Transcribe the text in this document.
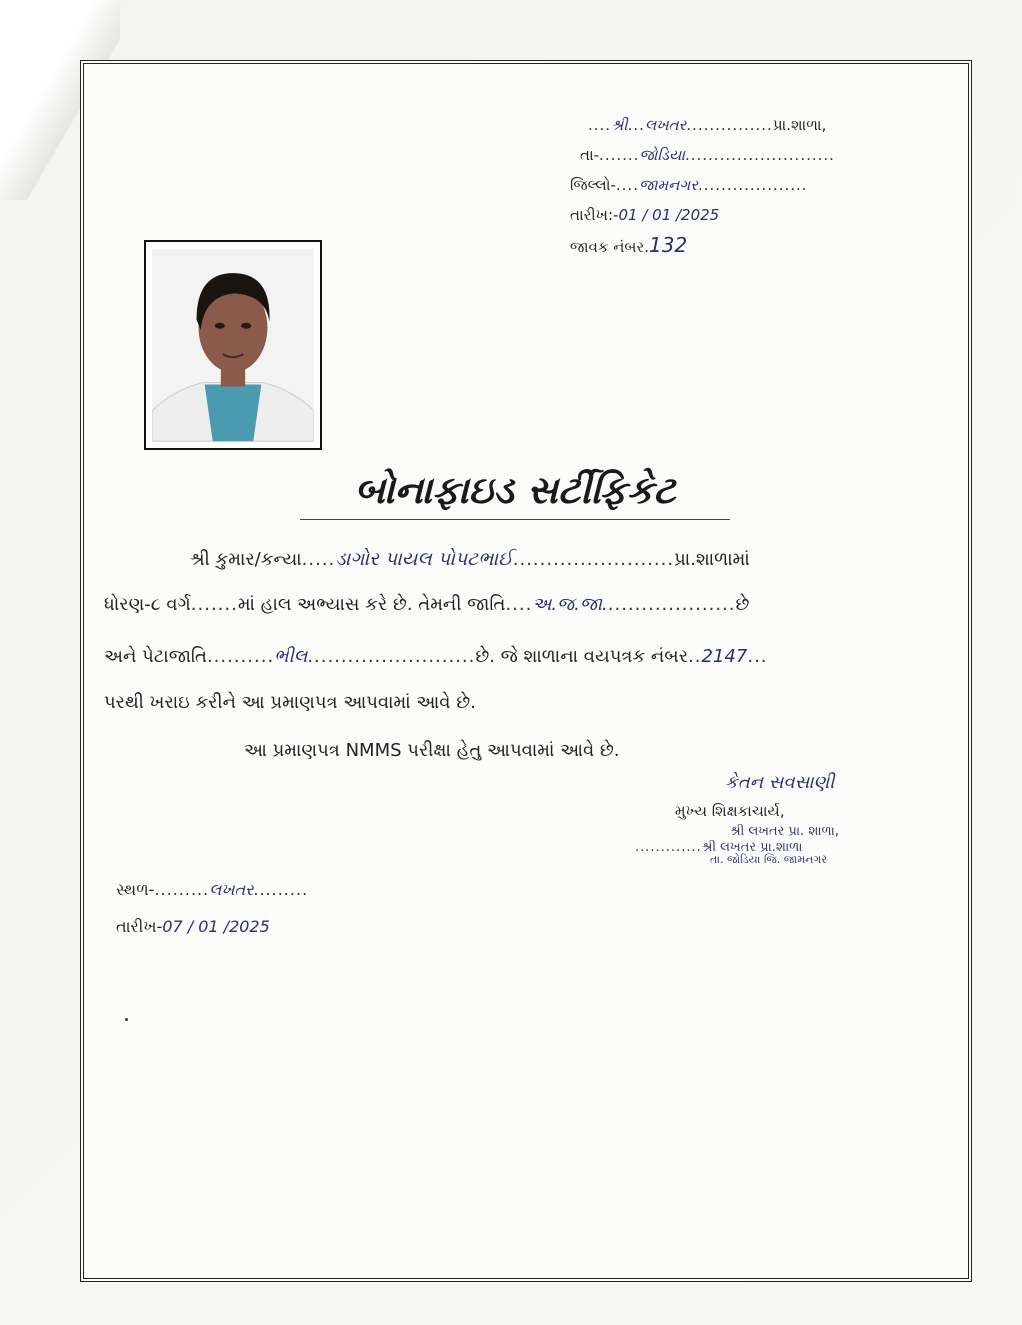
....શ્રી...લખતર...............પ્રા.શાળા,
તા-.......જોડિયા..........................
જિલ્લો-....જામનગર...................
તારીખ:-01 / 01 /2025
જાવક નંબર.132
બોનાફાઇડ સર્ટીફિકેટ
શ્રી કુમાર/કન્યા.....ડાગોર પાયલ પોપટભાઈ........................પ્રા.શાળામાં
ધોરણ-૮ વર્ગ.......માં હાલ અભ્યાસ કરે છે. તેમની જાતિ....અ.જ.જા....................છે
અને પેટાજાતિ..........ભીલ.........................છે. જે શાળાના વયપત્રક નંબર..2147...
પરથી ખરાઇ કરીને આ પ્રમાણપત્ર આપવામાં આવે છે.
આ પ્રમાણપત્ર NMMS પરીક્ષા હેતુ આપવામાં આવે છે.
કેતન સવસાણી
મુખ્ય શિક્ષકાચાર્ય,
શ્રી લખતર પ્રા. શાળા,
.............શ્રી લખતર પ્રા.શાળા
તા. જોડિયા જિ. જામનગર
સ્થળ-.........લખતર.........
તારીખ-07 / 01 /2025
